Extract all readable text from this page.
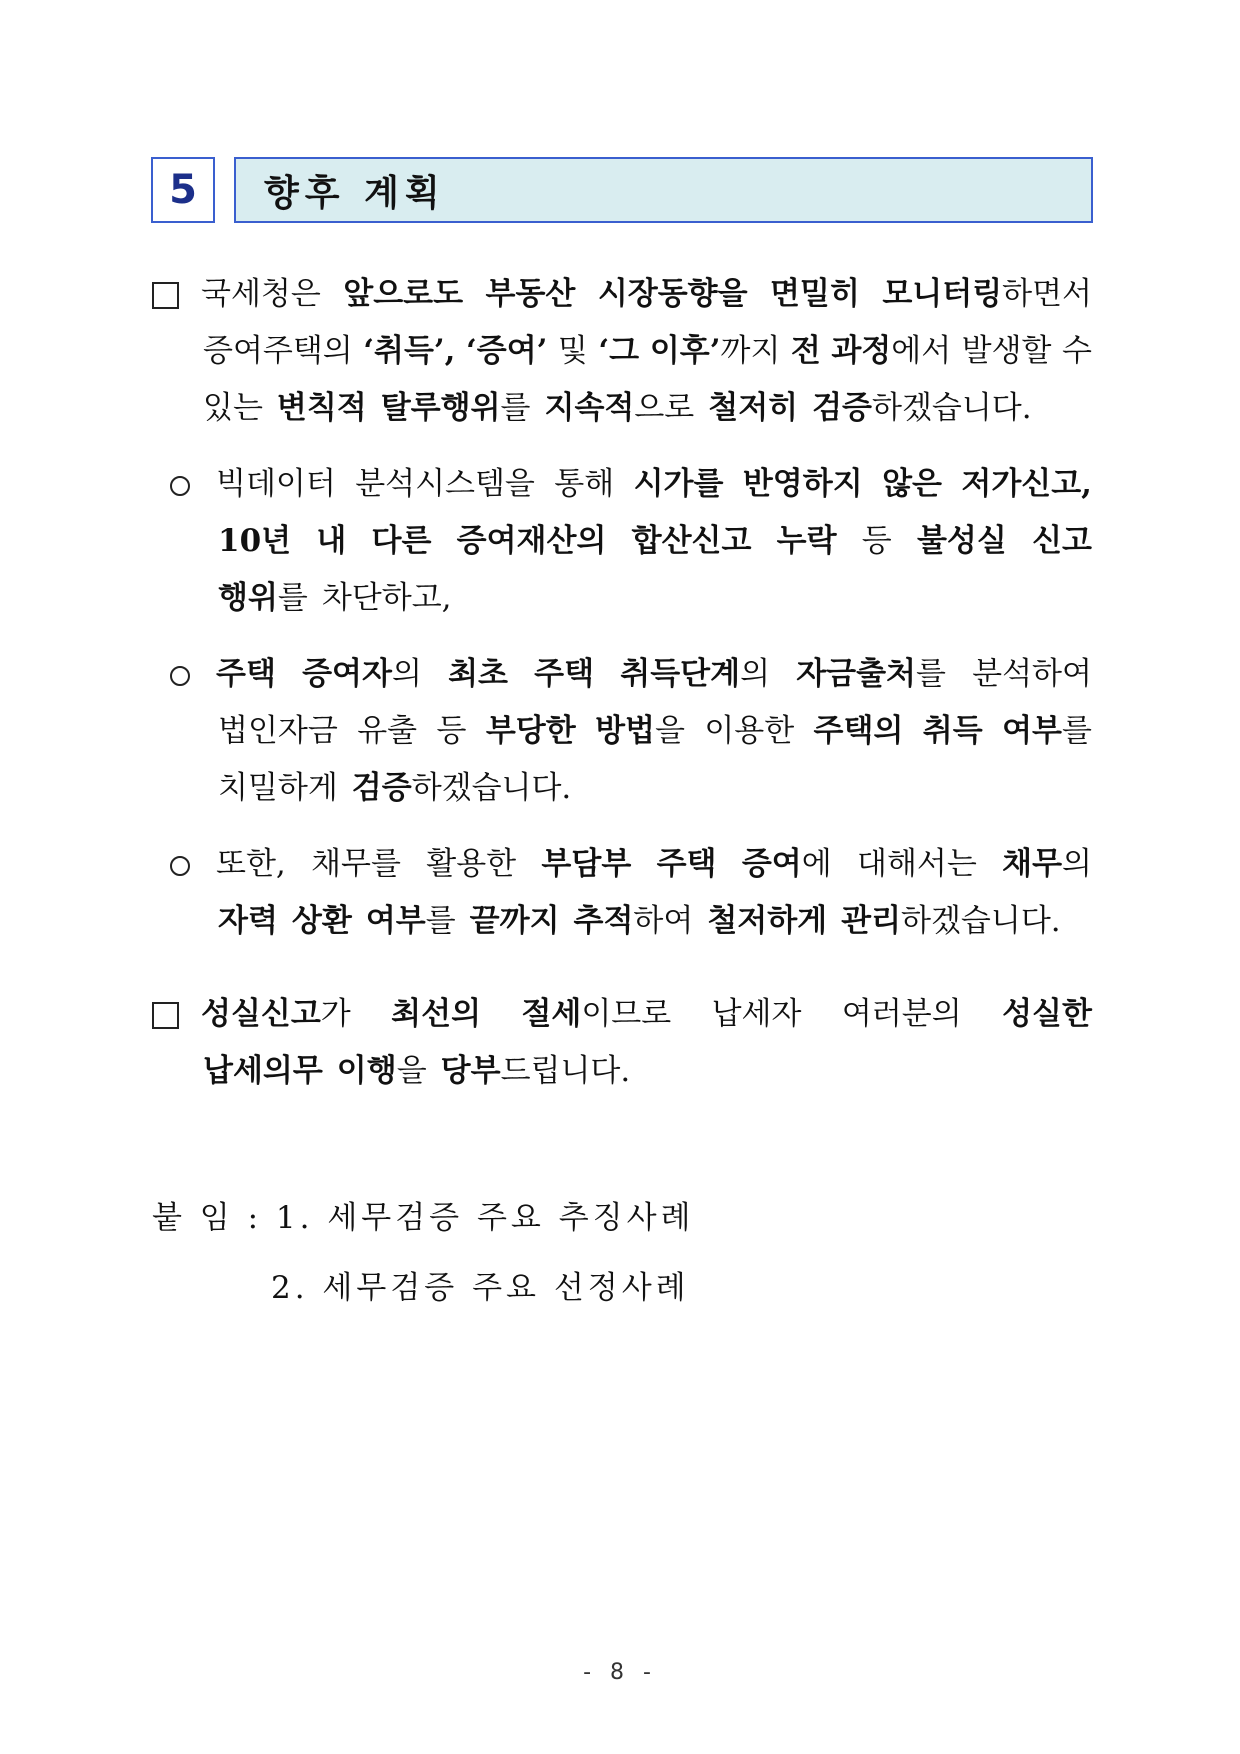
5 향후 계획
국세청은 앞으로도 부동산 시장동향을 면밀히 모니터링하면서
증여주택의 ‘취득’, ‘증여’ 및 ‘그 이후’까지 전 과정에서 발생할 수
있는 변칙적 탈루행위를 지속적으로 철저히 검증하겠습니다.
빅데이터 분석시스템을 통해 시가를 반영하지 않은 저가신고,
10년 내 다른 증여재산의 합산신고 누락 등 불성실 신고
행위를 차단하고,
주택 증여자의 최초 주택 취득단계의 자금출처를 분석하여
법인자금 유출 등 부당한 방법을 이용한 주택의 취득 여부를
치밀하게 검증하겠습니다.
또한, 채무를 활용한 부담부 주택 증여에 대해서는 채무의
자력 상환 여부를 끝까지 추적하여 철저하게 관리하겠습니다.
성실신고가 최선의 절세이므로 납세자 여러분의 성실한
납세의무 이행을 당부드립니다.
붙 임 : 1. 세무검증 주요 추징사례
2. 세무검증 주요 선정사례
- 8 -
